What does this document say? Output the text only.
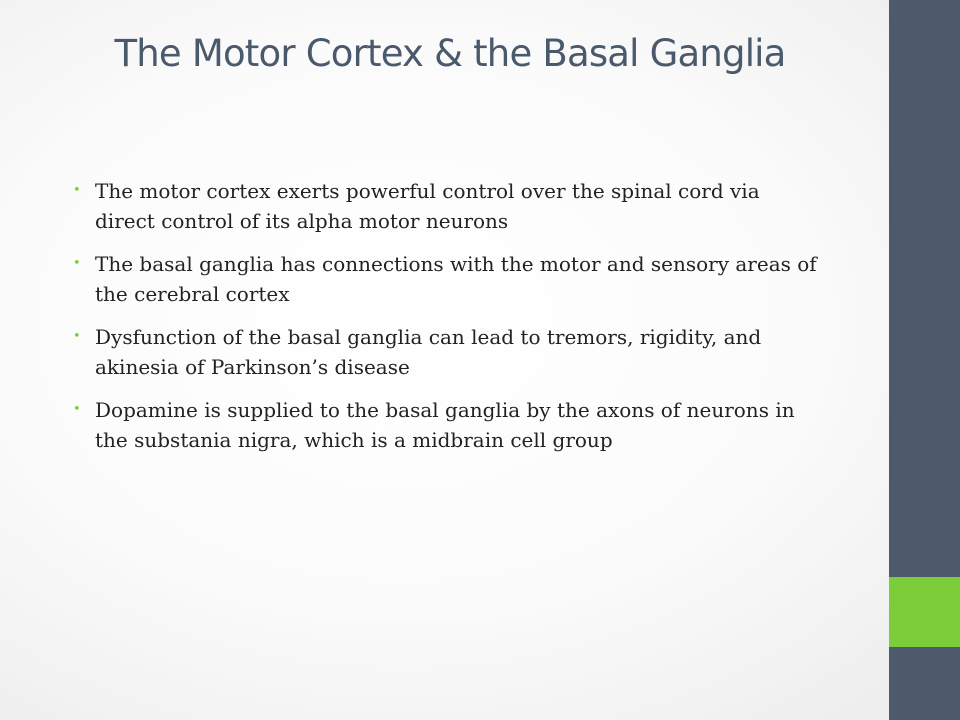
The Motor Cortex & the Basal Ganglia
• The motor cortex exerts powerful control over the spinal cord via direct control of its alpha motor neurons
• The basal ganglia has connections with the motor and sensory areas of the cerebral cortex
• Dysfunction of the basal ganglia can lead to tremors, rigidity, and akinesia of Parkinson’s disease
• Dopamine is supplied to the basal ganglia by the axons of neurons in the substania nigra, which is a midbrain cell group
